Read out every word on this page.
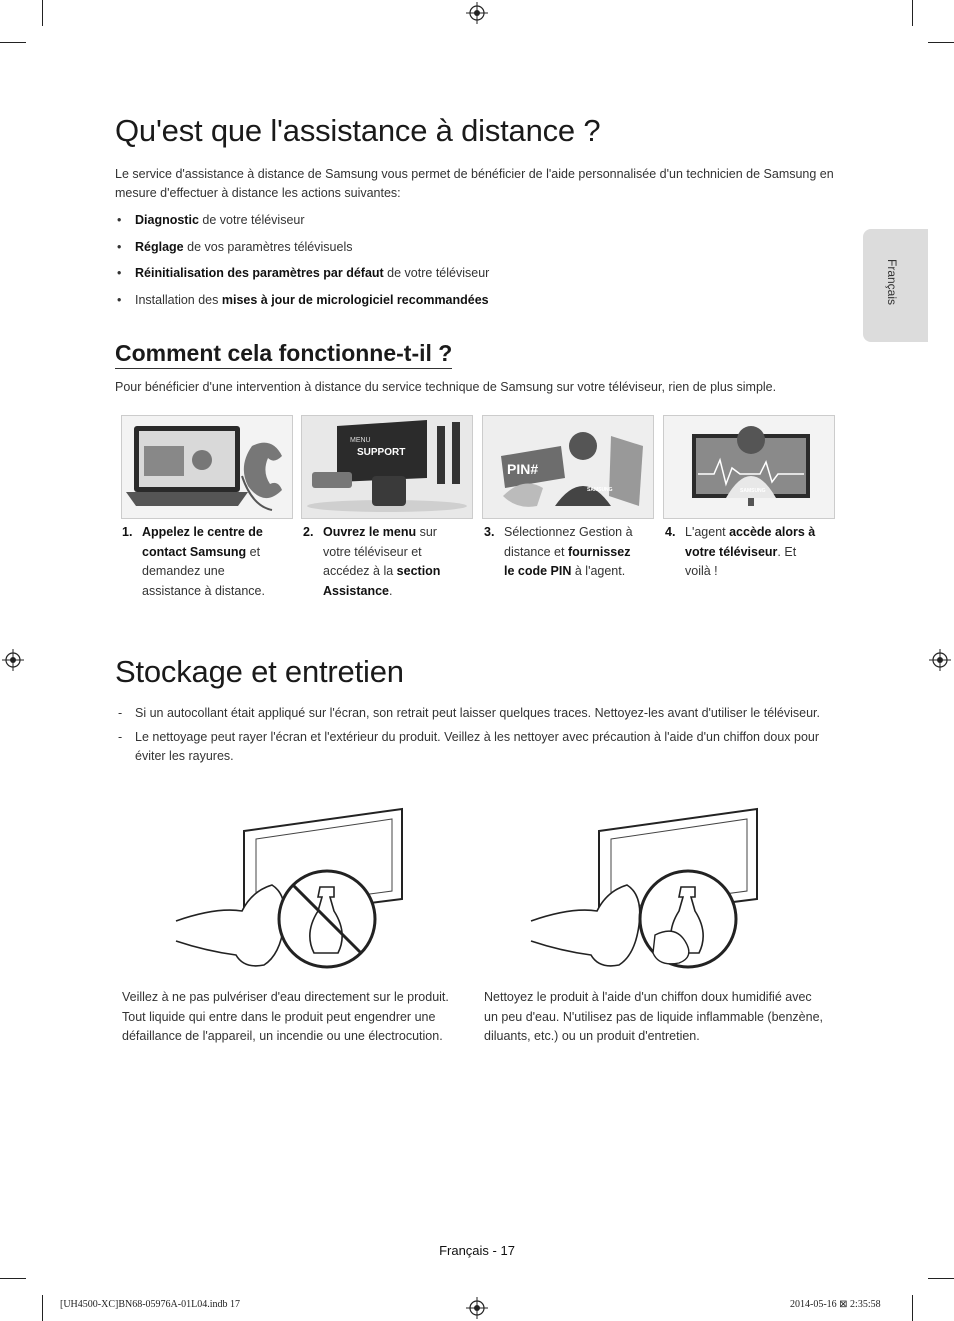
Français
Qu'est que l'assistance à distance ?

Le service d'assistance à distance de Samsung vous permet de bénéficier de l'aide personnalisée d'un technicien de Samsung en mesure d'effectuer à distance les actions suivantes:

• Diagnostic de votre téléviseur
• Réglage de vos paramètres télévisuels
• Réinitialisation des paramètres par défaut de votre téléviseur
• Installation des mises à jour de micrologiciel recommandées
Comment cela fonctionne-t-il ?

Pour bénéficier d'une intervention à distance du service technique de Samsung sur votre téléviseur, rien de plus simple.

MENU
SUPPORT
PIN#
SAMSUNG	SAMSUNG
1. Appelez le centre de contact Samsung et demandez une assistance à distance.
2. Ouvrez le menu sur votre téléviseur et accédez à la section Assistance.
3. Sélectionnez Gestion à distance et fournissez le code PIN à l'agent.
4. L'agent accède alors à votre téléviseur. Et voilà !
Stockage et entretien
- Si un autocollant était appliqué sur l'écran, son retrait peut laisser quelques traces. Nettoyez-les avant d'utiliser le téléviseur.
- Le nettoyage peut rayer l'écran et l'extérieur du produit. Veillez à les nettoyer avec précaution à l'aide d'un chiffon doux pour éviter les rayures.
Veillez à ne pas pulvériser d'eau directement sur le produit. Tout liquide qui entre dans le produit peut engendrer une défaillance de l'appareil, un incendie ou une électrocution.
Nettoyez le produit à l'aide d'un chiffon doux humidifié avec un peu d'eau. N'utilisez pas de liquide inflammable (benzène, diluants, etc.) ou un produit d'entretien.
Français - 17
[UH4500-XC]BN68-05976A-01L04.indb 17	2014-05-16 ⊠ 2:35:58
